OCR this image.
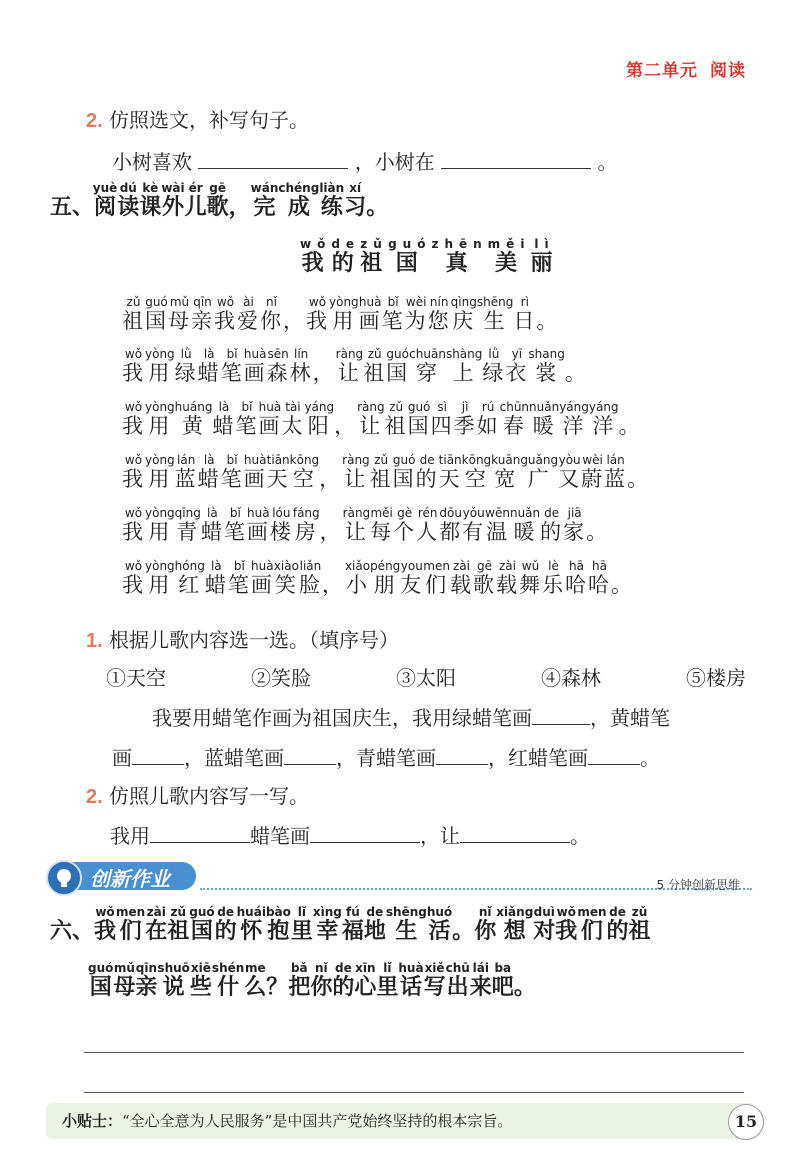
第二单元 阅读
2. 仿照选文，补写句子。
小树喜欢	，小树在	。
五、阅yuè读dú课kè外wài儿ér歌gē，完wán成chéng练liàn习xí。
我wǒ的de祖zǔ国guó真zhēn美měi丽lì
祖zǔ国guó母mǔ亲qīn我wǒ爱ài你nǐ，我wǒ用yòng画huà笔bǐ为wèi您nín庆qìng生shēng日rì。
我wǒ用yòng绿lǜ蜡là笔bǐ画huà森sēn林lín，让ràng祖zǔ国guó穿chuān上shàng绿lǜ衣yī裳shang。
我wǒ用yòng黄huáng蜡là笔bǐ画huà太tài阳yáng，让ràng祖zǔ国guó四sì季jì如rú春chūn暖nuǎn洋yáng洋yáng。
我wǒ用yòng蓝lán蜡là笔bǐ画huà天tiān空kōng，让ràng祖zǔ国guó的de天tiān空kōng宽kuān广guǎng又yòu蔚wèi蓝lán。
我wǒ用yòng青qīng蜡là笔bǐ画huà楼lóu房fáng，让ràng每měi个gè人rén都dōu有yǒu温wēn暖nuǎn的de家jiā。
我wǒ用yòng红hóng蜡là笔bǐ画huà笑xiào脸liǎn，小xiǎo朋péng友you们men载zài歌gē载zài舞wǔ乐lè哈hā哈hā。
1. 根据儿歌内容选一选。（填序号）
①天空	②笑脸	③太阳	④森林	⑤楼房
我要用蜡笔作画为祖国庆生，我用绿蜡笔画	，黄蜡笔
画	，蓝蜡笔画	，青蜡笔画	，红蜡笔画	。
2. 仿照儿歌内容写一写。
我用	蜡笔画	，让	。
创新作业	5 分钟创新思维
六、我wǒ们men在zài祖zǔ国guó的de怀huái抱bào里lǐ幸xìng福fú地de生shēng活huó。你nǐ想xiǎng对duì我wǒ们men的de祖zǔ
国guó母mǔ亲qīn说shuō些xiē什shén么me？把bǎ你nǐ的de心xīn里lǐ话huà写xiě出chū来lái吧ba。
小贴士：“全心全意为人民服务”是中国共产党始终坚持的根本宗旨。	15
